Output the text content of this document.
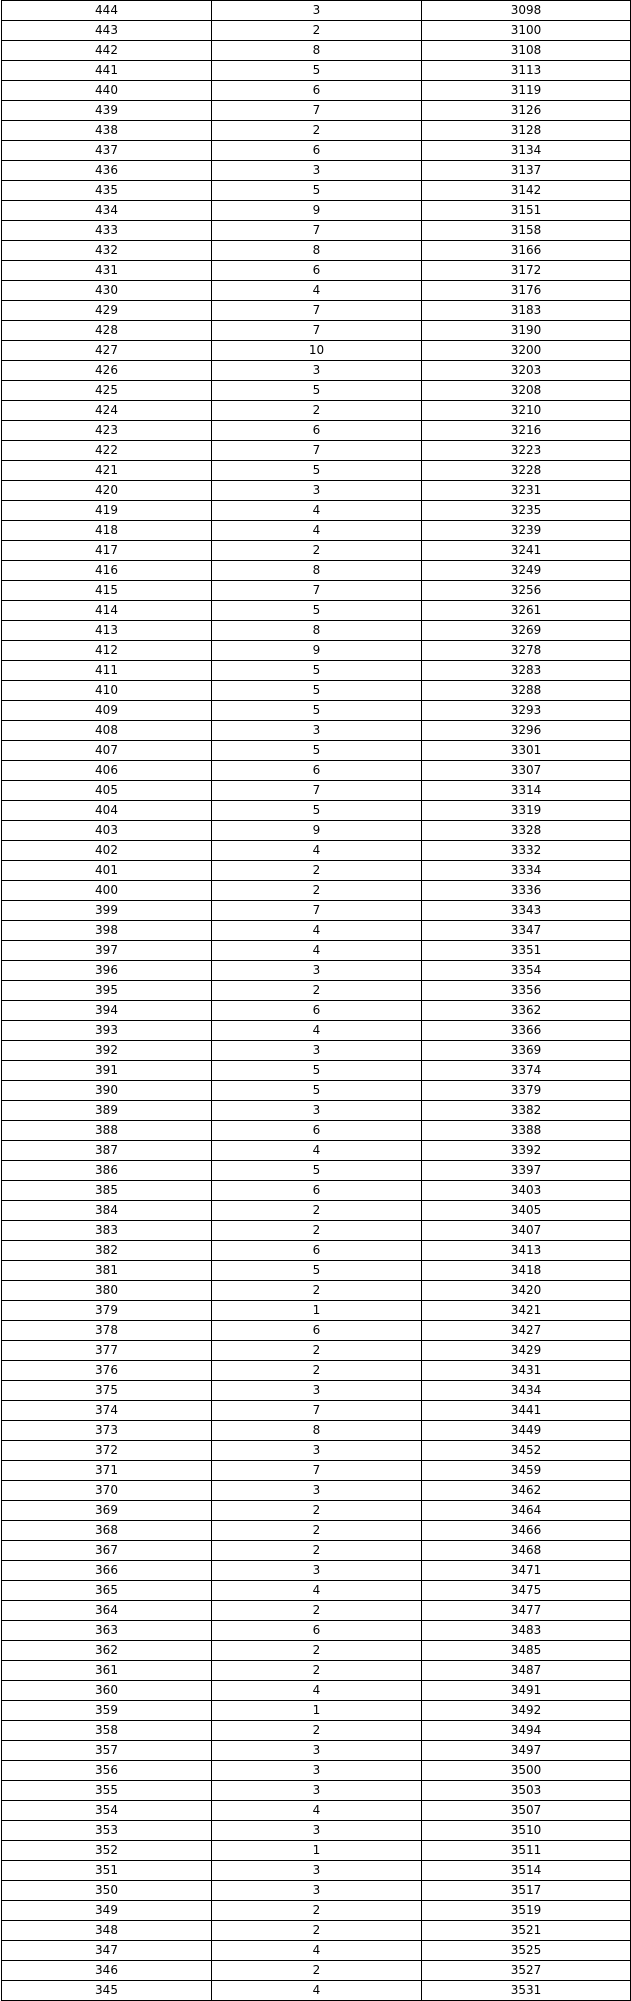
444	3	3098
443	2	3100
442	8	3108
441	5	3113
440	6	3119
439	7	3126
438	2	3128
437	6	3134
436	3	3137
435	5	3142
434	9	3151
433	7	3158
432	8	3166
431	6	3172
430	4	3176
429	7	3183
428	7	3190
427	10	3200
426	3	3203
425	5	3208
424	2	3210
423	6	3216
422	7	3223
421	5	3228
420	3	3231
419	4	3235
418	4	3239
417	2	3241
416	8	3249
415	7	3256
414	5	3261
413	8	3269
412	9	3278
411	5	3283
410	5	3288
409	5	3293
408	3	3296
407	5	3301
406	6	3307
405	7	3314
404	5	3319
403	9	3328
402	4	3332
401	2	3334
400	2	3336
399	7	3343
398	4	3347
397	4	3351
396	3	3354
395	2	3356
394	6	3362
393	4	3366
392	3	3369
391	5	3374
390	5	3379
389	3	3382
388	6	3388
387	4	3392
386	5	3397
385	6	3403
384	2	3405
383	2	3407
382	6	3413
381	5	3418
380	2	3420
379	1	3421
378	6	3427
377	2	3429
376	2	3431
375	3	3434
374	7	3441
373	8	3449
372	3	3452
371	7	3459
370	3	3462
369	2	3464
368	2	3466
367	2	3468
366	3	3471
365	4	3475
364	2	3477
363	6	3483
362	2	3485
361	2	3487
360	4	3491
359	1	3492
358	2	3494
357	3	3497
356	3	3500
355	3	3503
354	4	3507
353	3	3510
352	1	3511
351	3	3514
350	3	3517
349	2	3519
348	2	3521
347	4	3525
346	2	3527
345	4	3531
